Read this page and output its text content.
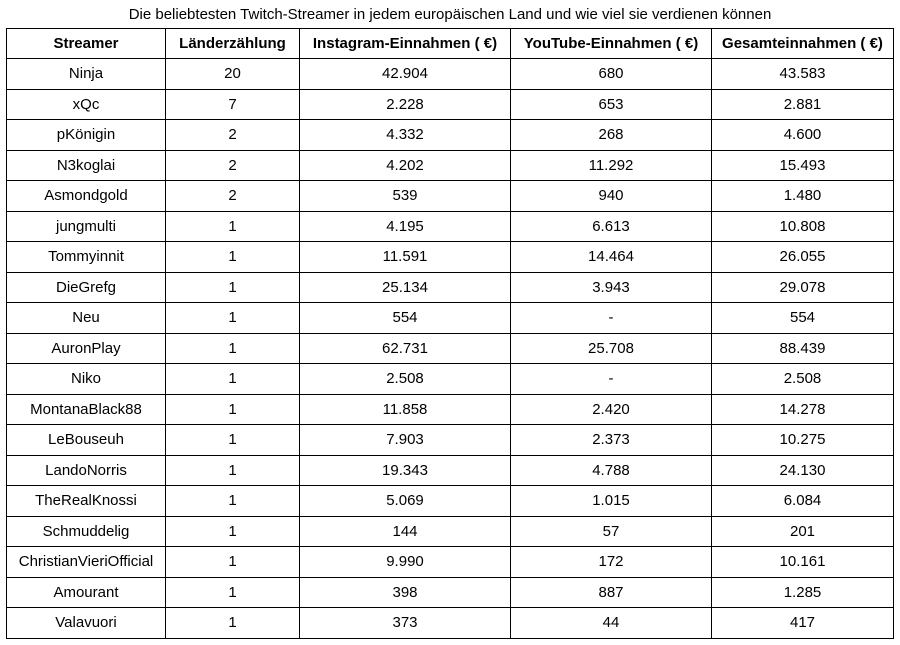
Die beliebtesten Twitch-Streamer in jedem europäischen Land und wie viel sie verdienen können
Streamer	Länderzählung	Instagram-Einnahmen ( €)	YouTube-Einnahmen ( €)	Gesamteinnahmen ( €)
Ninja	20	42.904	680	43.583
xQc	7	2.228	653	2.881
pKönigin	2	4.332	268	4.600
N3koglai	2	4.202	11.292	15.493
Asmondgold	2	539	940	1.480
jungmulti	1	4.195	6.613	10.808
Tommyinnit	1	11.591	14.464	26.055
DieGrefg	1	25.134	3.943	29.078
Neu	1	554	-	554
AuronPlay	1	62.731	25.708	88.439
Niko	1	2.508	-	2.508
MontanaBlack88	1	11.858	2.420	14.278
LeBouseuh	1	7.903	2.373	10.275
LandoNorris	1	19.343	4.788	24.130
TheRealKnossi	1	5.069	1.015	6.084
Schmuddelig	1	144	57	201
ChristianVieriOfficial	1	9.990	172	10.161
Amourant	1	398	887	1.285
Valavuori	1	373	44	417
